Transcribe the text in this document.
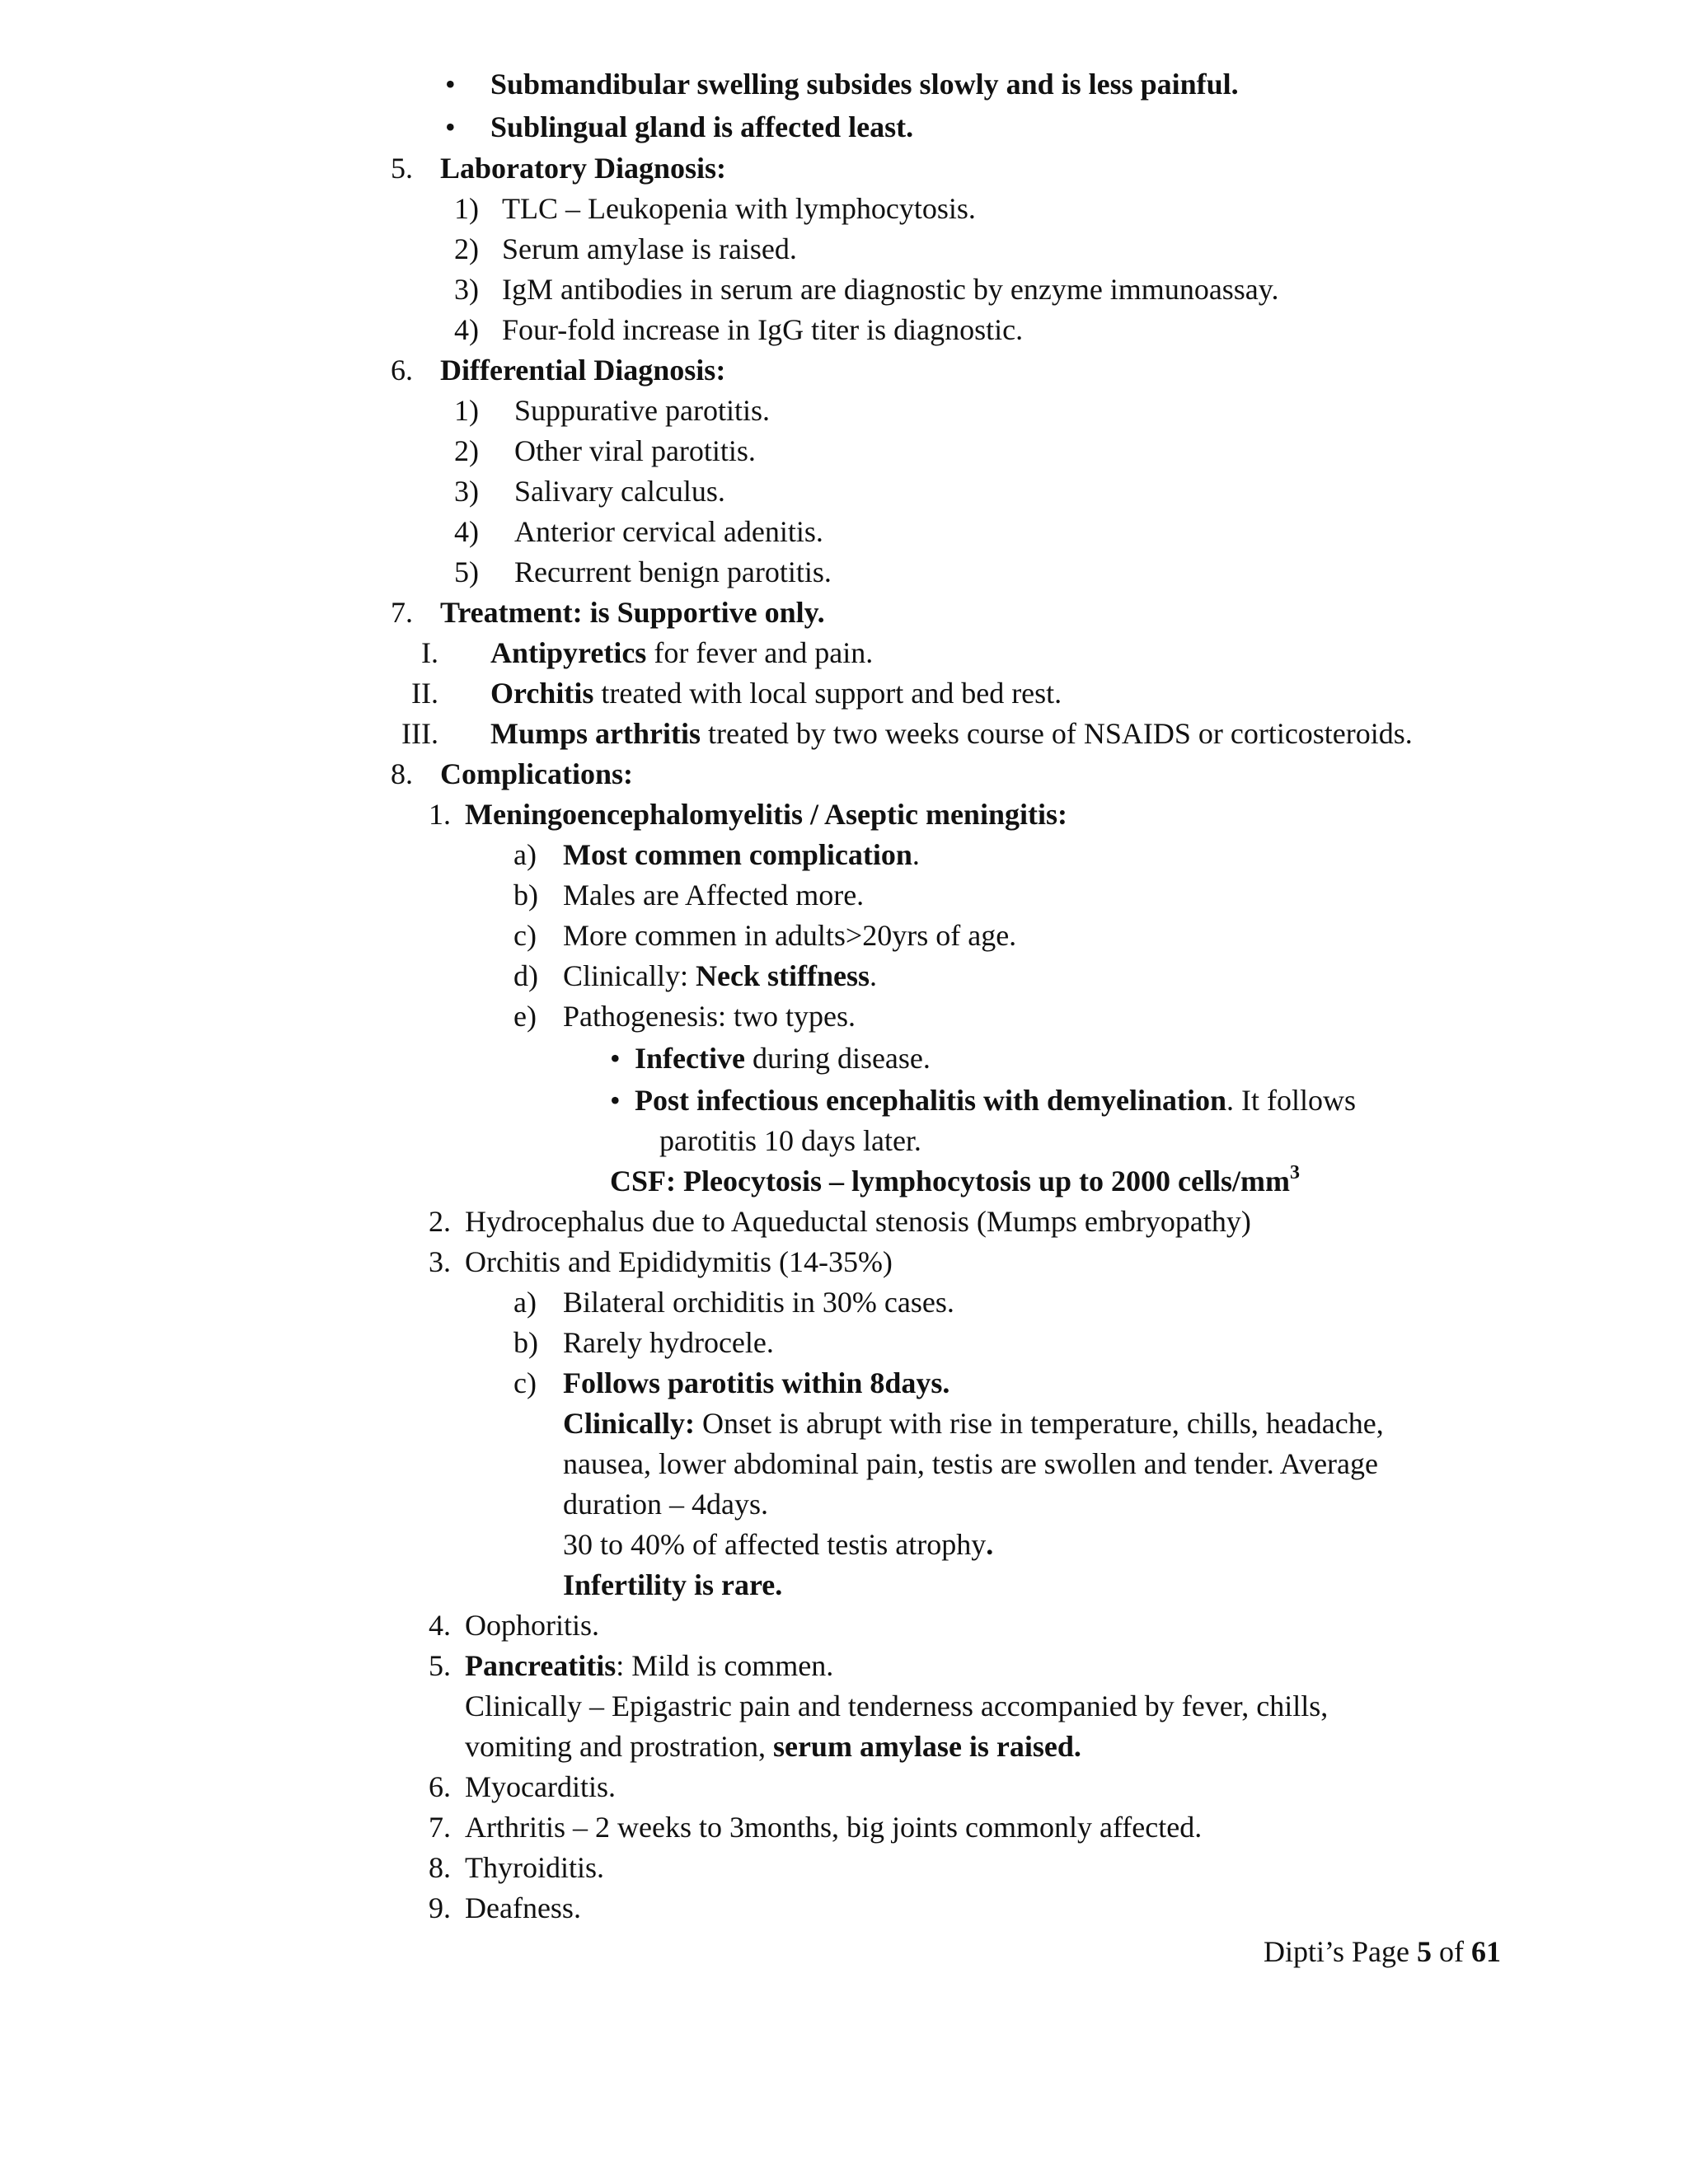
• Submandibular swelling subsides slowly and is less painful.
• Sublingual gland is affected least.
5. Laboratory Diagnosis:
1) TLC – Leukopenia with lymphocytosis.
2) Serum amylase is raised.
3) IgM antibodies in serum are diagnostic by enzyme immunoassay.
4) Four-fold increase in IgG titer is diagnostic.
6. Differential Diagnosis:
1) Suppurative parotitis.
2) Other viral parotitis.
3) Salivary calculus.
4) Anterior cervical adenitis.
5) Recurrent benign parotitis.
7. Treatment: is Supportive only.
I. Antipyretics for fever and pain.
II. Orchitis treated with local support and bed rest.
III. Mumps arthritis treated by two weeks course of NSAIDS or corticosteroids.
8. Complications:
1. Meningoencephalomyelitis / Aseptic meningitis:
a) Most commen complication.
b) Males are Affected more.
c) More commen in adults>20yrs of age.
d) Clinically: Neck stiffness.
e) Pathogenesis: two types.
• Infective during disease.
• Post infectious encephalitis with demyelination. It follows
parotitis 10 days later.
CSF: Pleocytosis – lymphocytosis up to 2000 cells/$mm^3$
2. Hydrocephalus due to Aqueductal stenosis (Mumps embryopathy)
3. Orchitis and Epididymitis (14-35%)
a) Bilateral orchiditis in 30% cases.
b) Rarely hydrocele.
c) Follows parotitis within 8days.
Clinically: Onset is abrupt with rise in temperature, chills, headache,
nausea, lower abdominal pain, testis are swollen and tender. Average
duration – 4days.
30 to 40% of affected testis atrophy.
Infertility is rare.
4. Oophoritis.
5. Pancreatitis: Mild is commen.
Clinically – Epigastric pain and tenderness accompanied by fever, chills,
vomiting and prostration, serum amylase is raised.
6. Myocarditis.
7. Arthritis – 2 weeks to 3months, big joints commonly affected.
8. Thyroiditis.
9. Deafness.
Dipti’s Page 5 of 61
